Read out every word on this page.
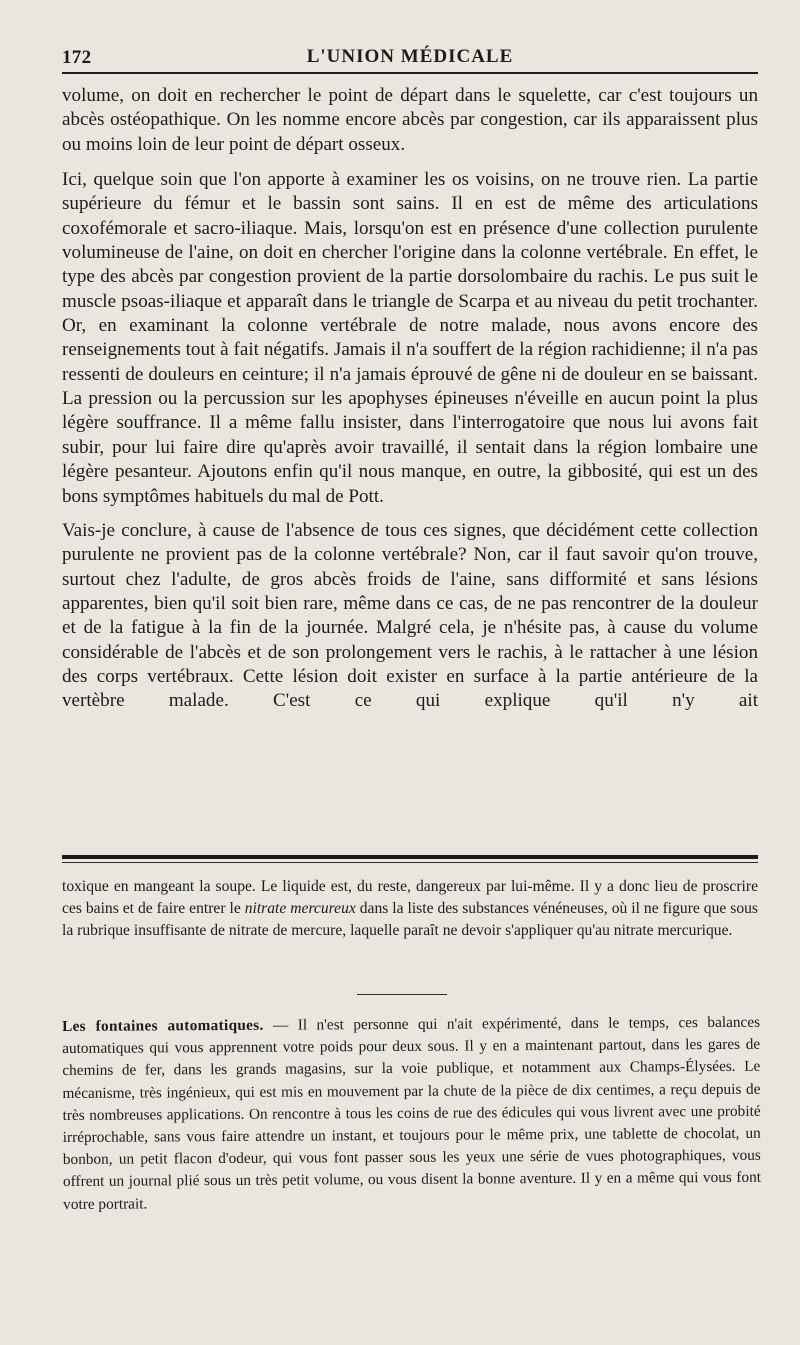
172	L'UNION MÉDICALE

volume, on doit en rechercher le point de départ dans le squelette, car c'est toujours un abcès ostéopathique. On les nomme encore abcès par congestion, car ils apparaissent plus ou moins loin de leur point de départ osseux.

Ici, quelque soin que l'on apporte à examiner les os voisins, on ne trouve rien. La partie supérieure du fémur et le bassin sont sains. Il en est de même des articulations coxofémorale et sacro-iliaque. Mais, lorsqu'on est en présence d'une collection purulente volumineuse de l'aine, on doit en chercher l'origine dans la colonne vertébrale. En effet, le type des abcès par congestion provient de la partie dorsolombaire du rachis. Le pus suit le muscle psoas-iliaque et apparaît dans le triangle de Scarpa et au niveau du petit trochanter. Or, en examinant la colonne vertébrale de notre malade, nous avons encore des renseignements tout à fait négatifs. Jamais il n'a souffert de la région rachidienne; il n'a pas ressenti de douleurs en ceinture; il n'a jamais éprouvé de gêne ni de douleur en se baissant. La pression ou la percussion sur les apophyses épineuses n'éveille en aucun point la plus légère souffrance. Il a même fallu insister, dans l'interrogatoire que nous lui avons fait subir, pour lui faire dire qu'après avoir travaillé, il sentait dans la région lombaire une légère pesanteur. Ajoutons enfin qu'il nous manque, en outre, la gibbosité, qui est un des bons symptômes habituels du mal de Pott.

Vais-je conclure, à cause de l'absence de tous ces signes, que décidément cette collection purulente ne provient pas de la colonne vertébrale? Non, car il faut savoir qu'on trouve, surtout chez l'adulte, de gros abcès froids de l'aine, sans difformité et sans lésions apparentes, bien qu'il soit bien rare, même dans ce cas, de ne pas rencontrer de la douleur et de la fatigue à la fin de la journée. Malgré cela, je n'hésite pas, à cause du volume considérable de l'abcès et de son prolongement vers le rachis, à le rattacher à une lésion des corps vertébraux. Cette lésion doit exister en surface à la partie antérieure de la vertèbre malade. C'est ce qui explique qu'il n'y ait

toxique en mangeant la soupe. Le liquide est, du reste, dangereux par lui-même. Il y a donc lieu de proscrire ces bains et de faire entrer le nitrate mercureux dans la liste des substances vénéneuses, où il ne figure que sous la rubrique insuffisante de nitrate de mercure, laquelle paraît ne devoir s'appliquer qu'au nitrate mercurique.

Les fontaines automatiques. — Il n'est personne qui n'ait expérimenté, dans le temps, ces balances automatiques qui vous apprennent votre poids pour deux sous. Il y en a maintenant partout, dans les gares de chemins de fer, dans les grands magasins, sur la voie publique, et notamment aux Champs-Élysées. Le mécanisme, très ingénieux, qui est mis en mouvement par la chute de la pièce de dix centimes, a reçu depuis de très nombreuses applications. On rencontre à tous les coins de rue des édicules qui vous livrent avec une probité irréprochable, sans vous faire attendre un instant, et toujours pour le même prix, une tablette de chocolat, un bonbon, un petit flacon d'odeur, qui vous font passer sous les yeux une série de vues photographiques, vous offrent un journal plié sous un très petit volume, ou vous disent la bonne aventure. Il y en a même qui vous font votre portrait.
